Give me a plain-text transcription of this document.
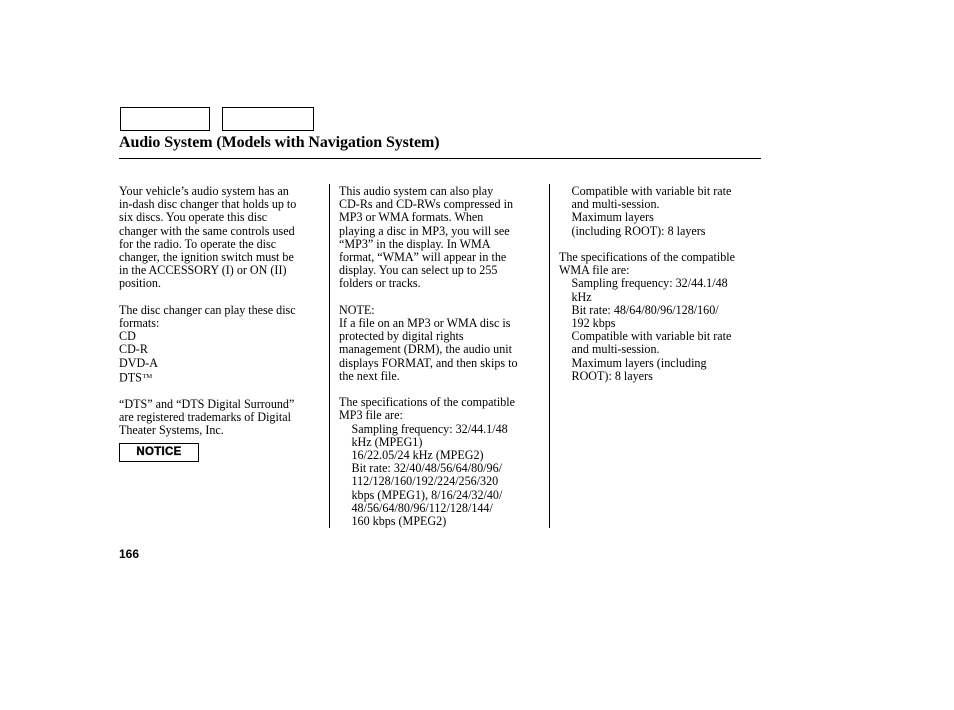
Audio System (Models with Navigation System)

Your vehicle’s audio system has an
in-dash disc changer that holds up to
six discs. You operate this disc
changer with the same controls used
for the radio. To operate the disc
changer, the ignition switch must be
in the ACCESSORY (I) or ON (II)
position.

The disc changer can play these disc
formats:

CD
CD-R
DVD-A
DTS™

“DTS” and “DTS Digital Surround”
are registered trademarks of Digital
Theater Systems, Inc.

NOTICE

This audio system can also play
CD-Rs and CD-RWs compressed in
MP3 or WMA formats. When
playing a disc in MP3, you will see
“MP3” in the display. In WMA
format, “WMA” will appear in the
display. You can select up to 255
folders or tracks.

NOTE:

If a file on an MP3 or WMA disc is
protected by digital rights
management (DRM), the audio unit
displays FORMAT, and then skips to
the next file.

The specifications of the compatible
MP3 file are:

Sampling frequency: 32/44.1/48
kHz (MPEG1)
16/22.05/24 kHz (MPEG2)

Bit rate: 32/40/48/56/64/80/96/
112/128/160/192/224/256/320
kbps (MPEG1), 8/16/24/32/40/
48/56/64/80/96/112/128/144/
160 kbps (MPEG2)

Compatible with variable bit rate
and multi-session.

Maximum layers
(including ROOT): 8 layers

The specifications of the compatible
WMA file are:

Sampling frequency: 32/44.1/48
kHz

Bit rate: 48/64/80/96/128/160/
192 kbps

Compatible with variable bit rate
and multi-session.

Maximum layers (including
ROOT): 8 layers

166
